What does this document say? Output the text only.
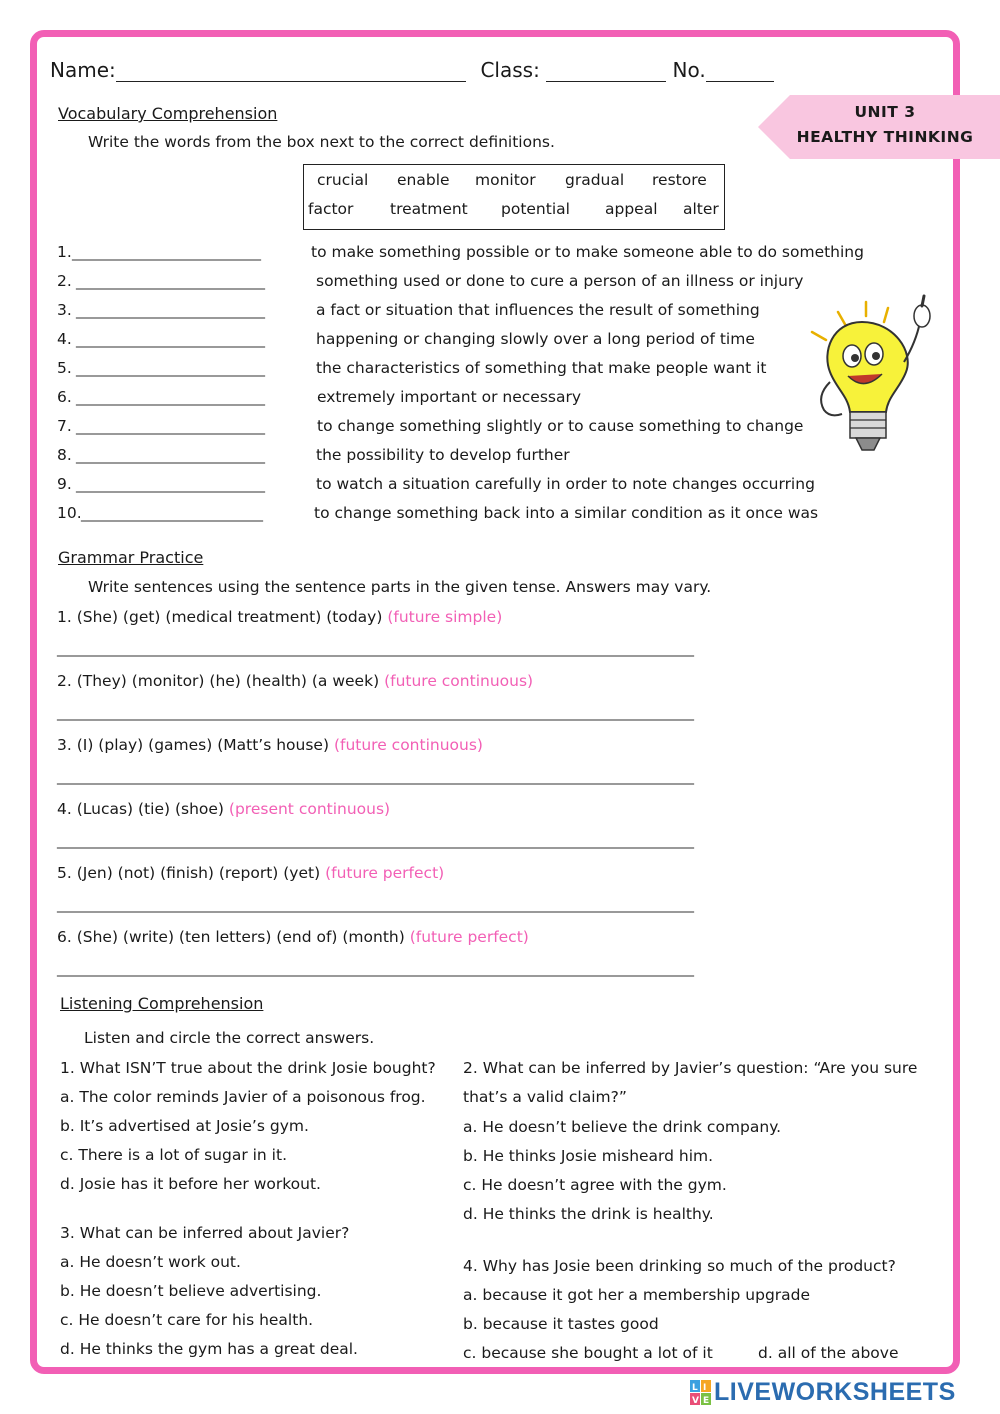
Name:	Class:	No.
UNIT 3
HEALTHY THINKING
Vocabulary Comprehension
Write the words from the box next to the correct definitions.
crucial enable monitor gradual restore
factor treatment potential appeal alter
1. ___________________________	to make something possible or to make someone able to do something
2. ___________________________	something used or done to cure a person of an illness or injury
3. ___________________________	a fact or situation that influences the result of something
4. ___________________________	happening or changing slowly over a long period of time
5. ___________________________	the characteristics of something that make people want it
6. ___________________________	extremely important or necessary
7. ___________________________	to change something slightly or to cause something to change
8. ___________________________	the possibility to develop further
9. ___________________________	to watch a situation carefully in order to note changes occurring
10. __________________________	to change something back into a similar condition as it once was
Grammar Practice
Write sentences using the sentence parts in the given tense. Answers may vary.
1. (She) (get) (medical treatment) (today) (future simple)
___________________________________________________________________________________________
2. (They) (monitor) (he) (health) (a week) (future continuous)
___________________________________________________________________________________________
3. (I) (play) (games) (Matt’s house) (future continuous)
___________________________________________________________________________________________
4. (Lucas) (tie) (shoe) (present continuous)
___________________________________________________________________________________________
5. (Jen) (not) (finish) (report) (yet) (future perfect)
___________________________________________________________________________________________
6. (She) (write) (ten letters) (end of) (month) (future perfect)
___________________________________________________________________________________________
Listening Comprehension
Listen and circle the correct answers.
1. What ISN’T true about the drink Josie bought?
a. The color reminds Javier of a poisonous frog.
b. It’s advertised at Josie’s gym.
c. There is a lot of sugar in it.
d. Josie has it before her workout.
2. What can be inferred by Javier’s question: “Are you sure
that’s a valid claim?”
a. He doesn’t believe the drink company.
b. He thinks Josie misheard him.
c. He doesn’t agree with the gym.
d. He thinks the drink is healthy.
3. What can be inferred about Javier?
a. He doesn’t work out.
b. He doesn’t believe advertising.
c. He doesn’t care for his health.
d. He thinks the gym has a great deal.
4. Why has Josie been drinking so much of the product?
a. because it got her a membership upgrade
b. because it tastes good
c. because she bought a lot of it	d. all of the above
L I
V E LIVEWORKSHEETS
